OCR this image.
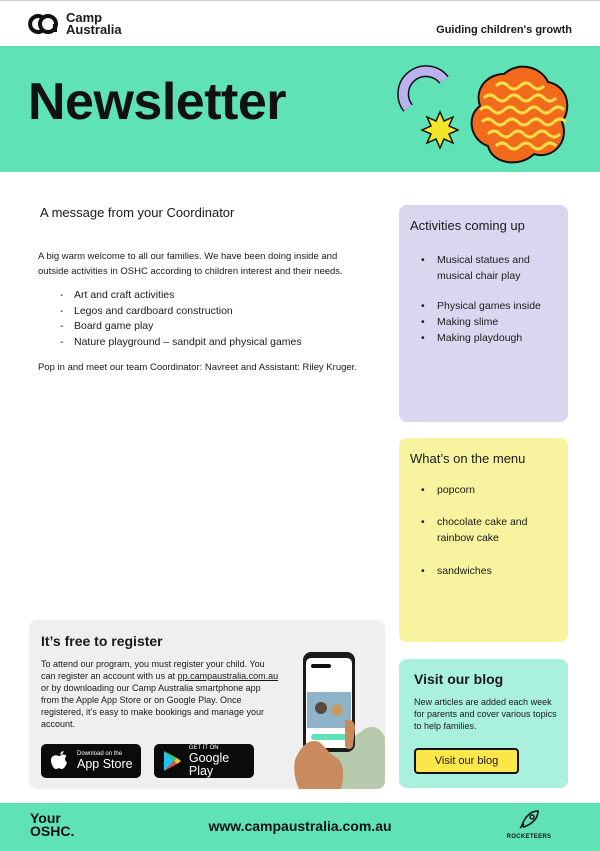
Camp
Australia	Guiding children's growth
Newsletter
A message from your Coordinator

A big warm welcome to all our families. We have been doing inside and outside activities in OSHC according to children interest and their needs.

- Art and craft activities
- Legos and cardboard construction
- Board game play
- Nature playground – sandpit and physical games

Pop in and meet our team Coordinator: Navreet and Assistant: Riley Kruger.

Activities coming up
• Musical statues and musical chair play
• Physical games inside
• Making slime
• Making playdough
What’s on the menu
• popcorn
• chocolate cake and rainbow cake
• sandwiches
It’s free to register

To attend our program, you must register your child. You can register an account with us at pp.campaustralia.com.au or by downloading our Camp Australia smartphone app from the Apple App Store or on Google Play. Once registered, it’s easy to make bookings and manage your account.

Download on the
App Store
GET IT ON
Google Play
Visit our blog

New articles are added each week for parents and cover various topics to help families.

Visit our blog
Your
OSHC.	www.campaustralia.com.au
ROCKETEERS
